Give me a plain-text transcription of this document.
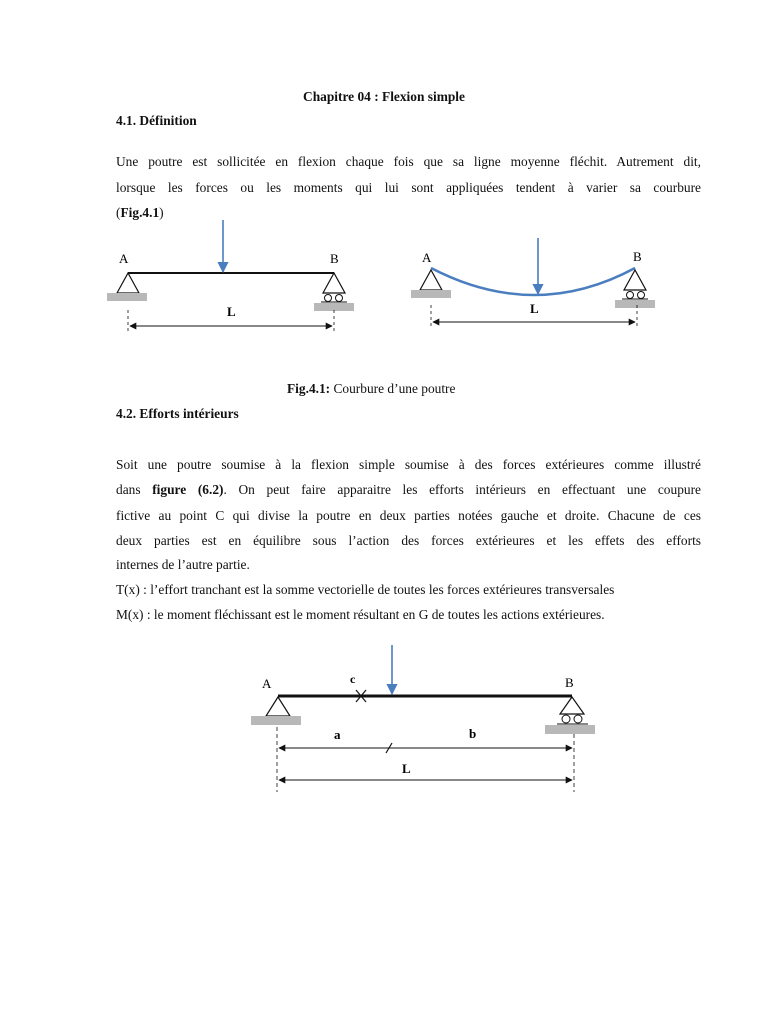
Chapitre 04 : Flexion simple
4.1. Définition
Une poutre est sollicitée en flexion chaque fois que sa ligne moyenne fléchit. Autrement dit,
lorsque les forces ou les moments qui lui sont appliquées tendent à varier sa courbure
(Fig.4.1)
A	B
L
A	B
L
A	B
c
a	b
L
Fig.4.1: Courbure d’une poutre
4.2. Efforts intérieurs
Soit une poutre soumise à la flexion simple soumise à des forces extérieures comme illustré
dans figure (6.2). On peut faire apparaitre les efforts intérieurs en effectuant une coupure
fictive au point C qui divise la poutre en deux parties notées gauche et droite. Chacune de ces
deux parties est en équilibre sous l’action des forces extérieures et les effets des efforts
internes de l’autre partie.
T(x) : l’effort tranchant est la somme vectorielle de toutes les forces extérieures transversales
M(x) : le moment fléchissant est le moment résultant en G de toutes les actions extérieures.
